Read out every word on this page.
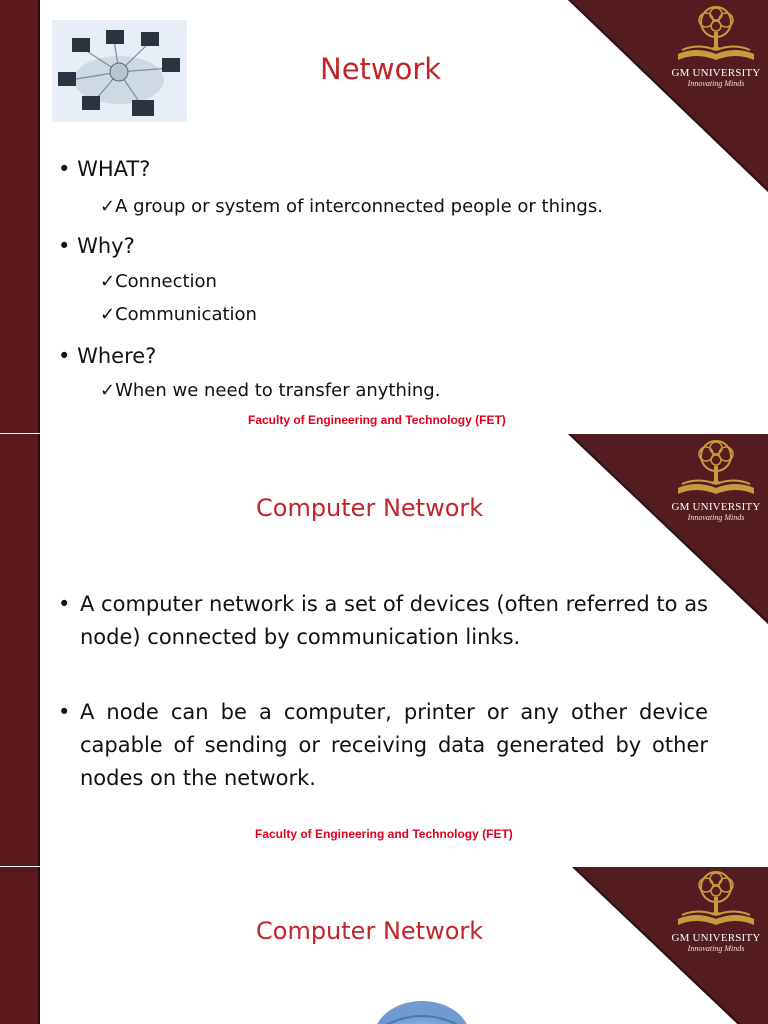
GM UNIVERSITY
Innovating Minds
Network
• WHAT?
✓A group or system of interconnected people or things.
• Why?
✓Connection
✓Communication
• Where?
✓When we need to transfer anything.
Faculty of Engineering and Technology (FET)
GM UNIVERSITY
Innovating Minds
Computer Network
• A computer network is a set of devices (often referred to as node) connected by communication links.
• A node can be a computer, printer or any other device capable of sending or receiving data generated by other nodes on the network.
Faculty of Engineering and Technology (FET)
GM UNIVERSITY
Innovating Minds
Computer Network
